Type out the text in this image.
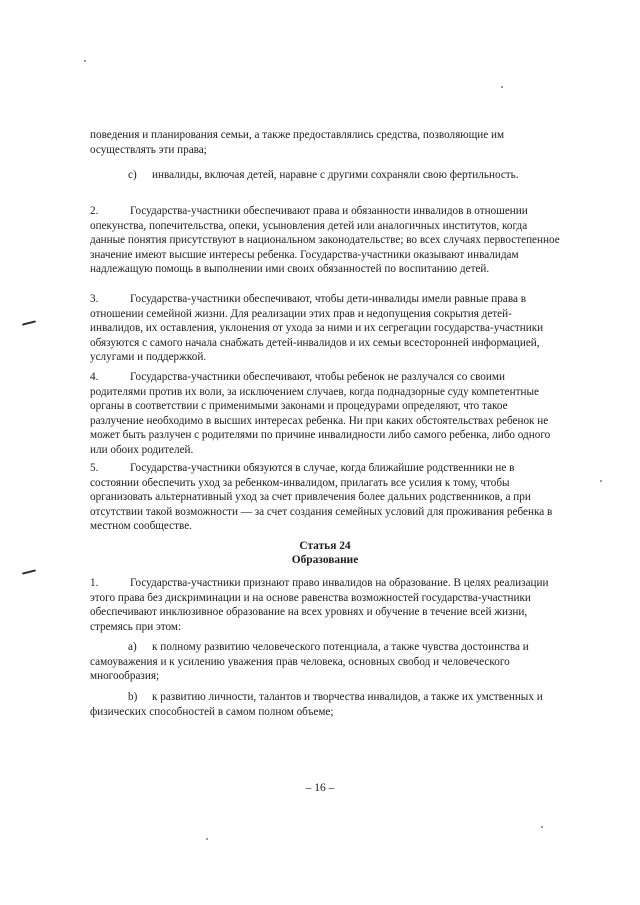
поведения и планирования семьи, а также предоставлялись средства, позволяющие им осуществлять эти права;

c) инвалиды, включая детей, наравне с другими сохраняли свою фертильность.

2.	Государства-участники обеспечивают права и обязанности инвалидов в отношении опекунства, попечительства, опеки, усыновления детей или аналогичных институтов, когда данные понятия присутствуют в национальном законодательстве; во всех случаях первостепенное значение имеют высшие интересы ребенка. Государства-участники оказывают инвалидам надлежащую помощь в выполнении ими своих обязанностей по воспитанию детей.

3.	Государства-участники обеспечивают, чтобы дети-инвалиды имели равные права в отношении семейной жизни. Для реализации этих прав и недопущения сокрытия детей-инвалидов, их оставления, уклонения от ухода за ними и их сегрегации государства-участники обязуются с самого начала снабжать детей-инвалидов и их семьи всесторонней информацией, услугами и поддержкой.

4.	Государства-участники обеспечивают, чтобы ребенок не разлучался со своими родителями против их воли, за исключением случаев, когда поднадзорные суду компетентные органы в соответствии с применимыми законами и процедурами определяют, что такое разлучение необходимо в высших интересах ребенка. Ни при каких обстоятельствах ребенок не может быть разлучен с родителями по причине инвалидности либо самого ребенка, либо одного или обоих родителей.

5.	Государства-участники обязуются в случае, когда ближайшие родственники не в состоянии обеспечить уход за ребенком-инвалидом, прилагать все усилия к тому, чтобы организовать альтернативный уход за счет привлечения более дальних родственников, а при отсутствии такой возможности — за счет создания семейных условий для проживания ребенка в местном сообществе.

Статья 24

Образование

1.	Государства-участники признают право инвалидов на образование. В целях реализации этого права без дискриминации и на основе равенства возможностей государства-участники обеспечивают инклюзивное образование на всех уровнях и обучение в течение всей жизни, стремясь при этом:

a) к полному развитию человеческого потенциала, а также чувства достоинства и самоуважения и к усилению уважения прав человека, основных свобод и человеческого многообразия;

b) к развитию личности, талантов и творчества инвалидов, а также их умственных и физических способностей в самом полном объеме;

– 16 –
